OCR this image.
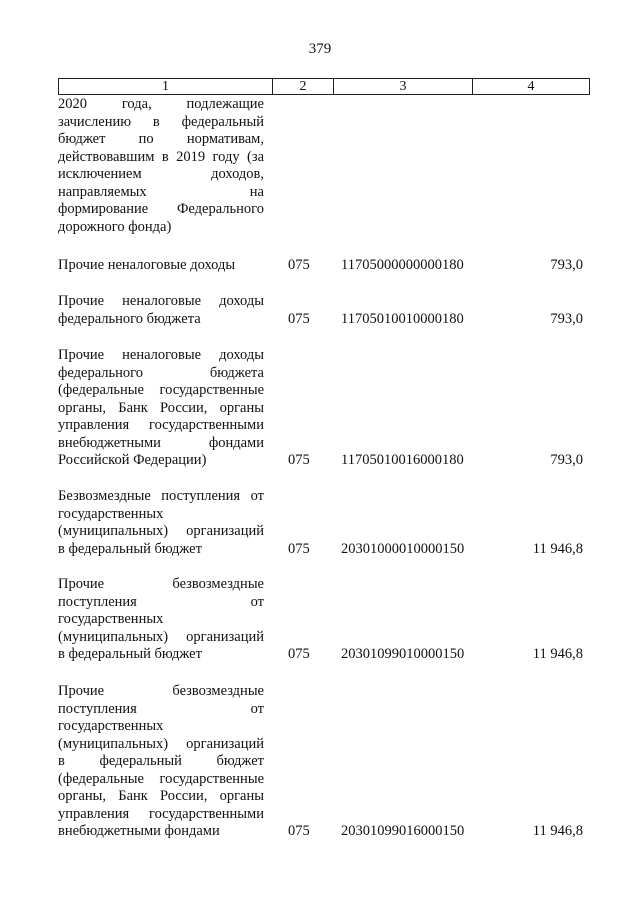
379
1	2	3	4
2020 года, подлежащие
зачислению в федеральный
бюджет по нормативам,
действовавшим в 2019 году (за
исключением доходов,
направляемых на
формирование Федерального
дорожного фонда)
Прочие неналоговые доходы	075 11705000000000180	793,0
Прочие неналоговые доходы
федерального бюджета	075 11705010010000180	793,0
Прочие неналоговые доходы
федерального бюджета
(федеральные государственные
органы, Банк России, органы
управления государственными
внебюджетными фондами
Российской Федерации)	075 11705010016000180	793,0
Безвозмездные поступления от
государственных
(муниципальных) организаций
в федеральный бюджет	075 20301000010000150	11 946,8
Прочие безвозмездные
поступления от
государственных
(муниципальных) организаций
в федеральный бюджет	075 20301099010000150	11 946,8
Прочие безвозмездные
поступления от
государственных
(муниципальных) организаций
в федеральный бюджет
(федеральные государственные
органы, Банк России, органы
управления государственными
внебюджетными фондами	075 20301099016000150	11 946,8
